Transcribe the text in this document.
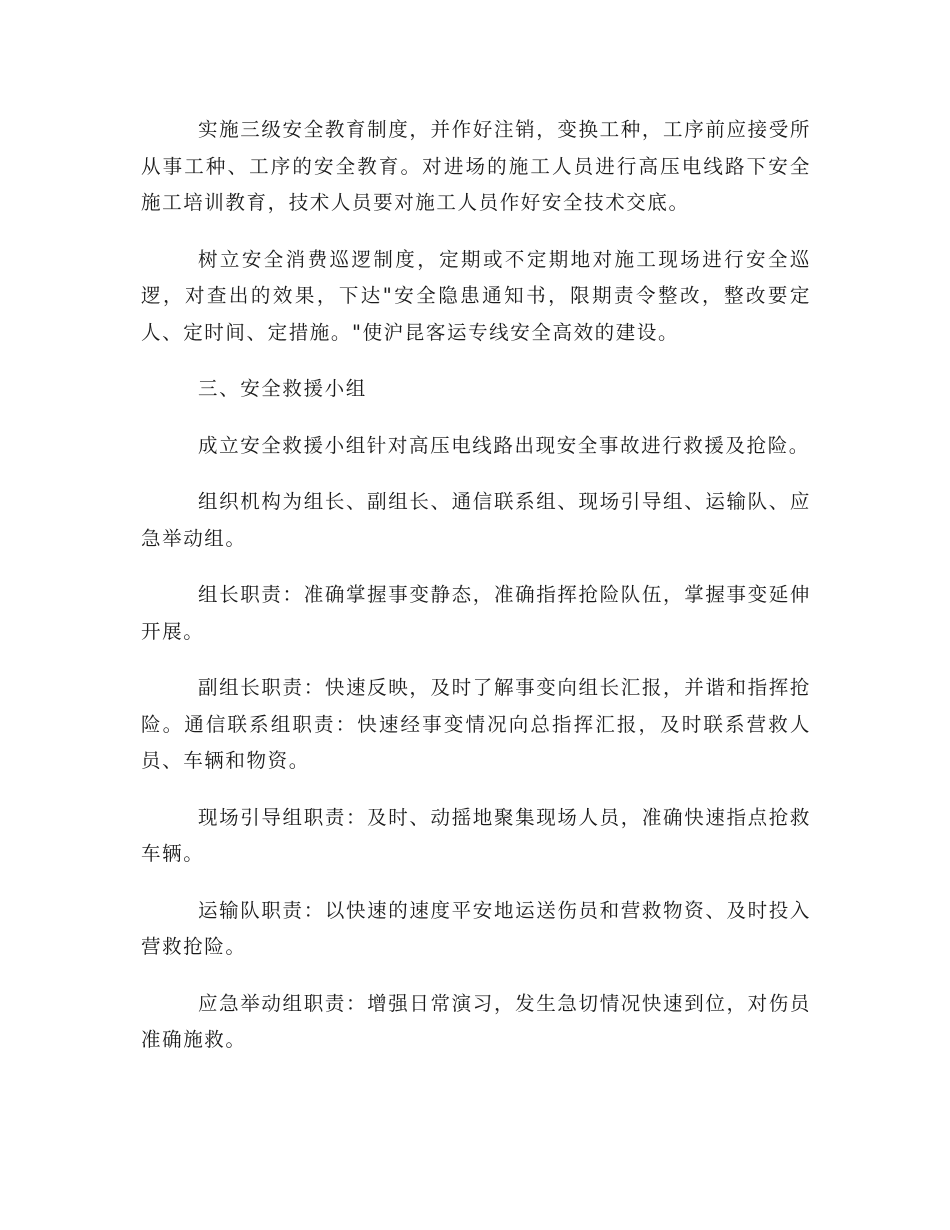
实施三级安全教育制度，并作好注销，变换工种，工序前应接受所从事工种、工序的安全教育。对进场的施工人员进行高压电线路下安全施工培训教育，技术人员要对施工人员作好安全技术交底。

树立安全消费巡逻制度，定期或不定期地对施工现场进行安全巡逻，对查出的效果，下达"安全隐患通知书，限期责令整改，整改要定人、定时间、定措施。"使沪昆客运专线安全高效的建设。

三、安全救援小组

成立安全救援小组针对高压电线路出现安全事故进行救援及抢险。

组织机构为组长、副组长、通信联系组、现场引导组、运输队、应急举动组。

组长职责：准确掌握事变静态，准确指挥抢险队伍，掌握事变延伸开展。

副组长职责：快速反映，及时了解事变向组长汇报，并谐和指挥抢险。通信联系组职责：快速经事变情况向总指挥汇报，及时联系营救人员、车辆和物资。

现场引导组职责：及时、动摇地聚集现场人员，准确快速指点抢救车辆。

运输队职责：以快速的速度平安地运送伤员和营救物资、及时投入营救抢险。

应急举动组职责：增强日常演习，发生急切情况快速到位，对伤员准确施救。
